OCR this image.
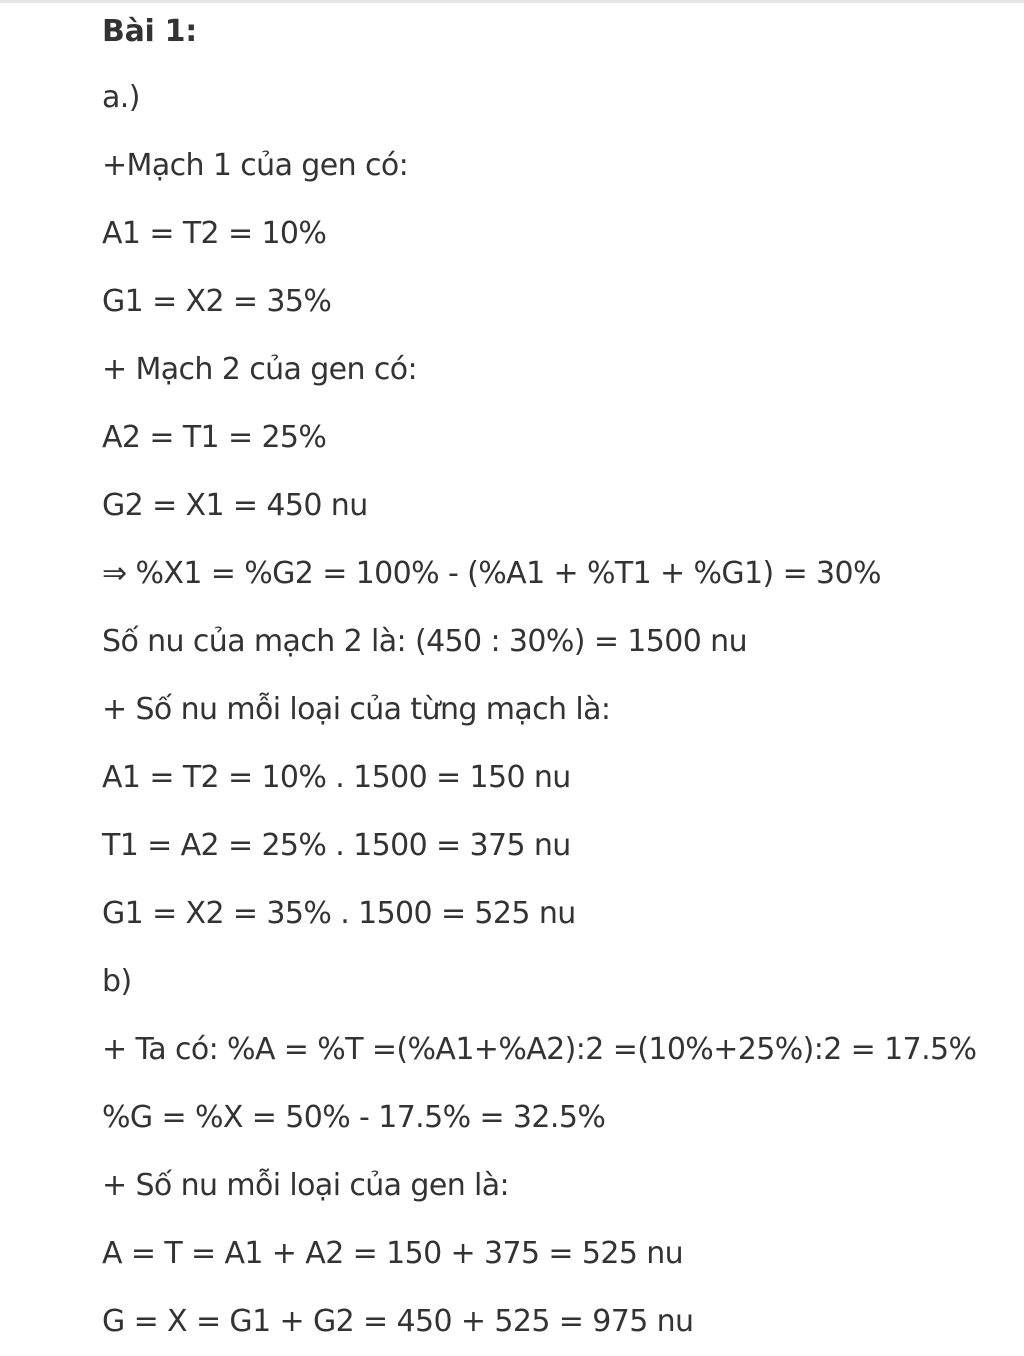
Bài 1:
a.)
+Mạch 1 của gen có:
A1 = T2 = 10%
G1 = X2 = 35%
+ Mạch 2 của gen có:
A2 = T1 = 25%
G2 = X1 = 450 nu
⇒ %X1 = %G2 = 100% - (%A1 + %T1 + %G1) = 30%
Số nu của mạch 2 là: (450 : 30%) = 1500 nu
+ Số nu mỗi loại của từng mạch là:
A1 = T2 = 10% . 1500 = 150 nu
T1 = A2 = 25% . 1500 = 375 nu
G1 = X2 = 35% . 1500 = 525 nu
b)
+ Ta có: %A = %T =(%A1+%A2):2 =(10%+25%):2 = 17.5%
%G = %X = 50% - 17.5% = 32.5%
+ Số nu mỗi loại của gen là:
A = T = A1 + A2 = 150 + 375 = 525 nu
G = X = G1 + G2 = 450 + 525 = 975 nu
